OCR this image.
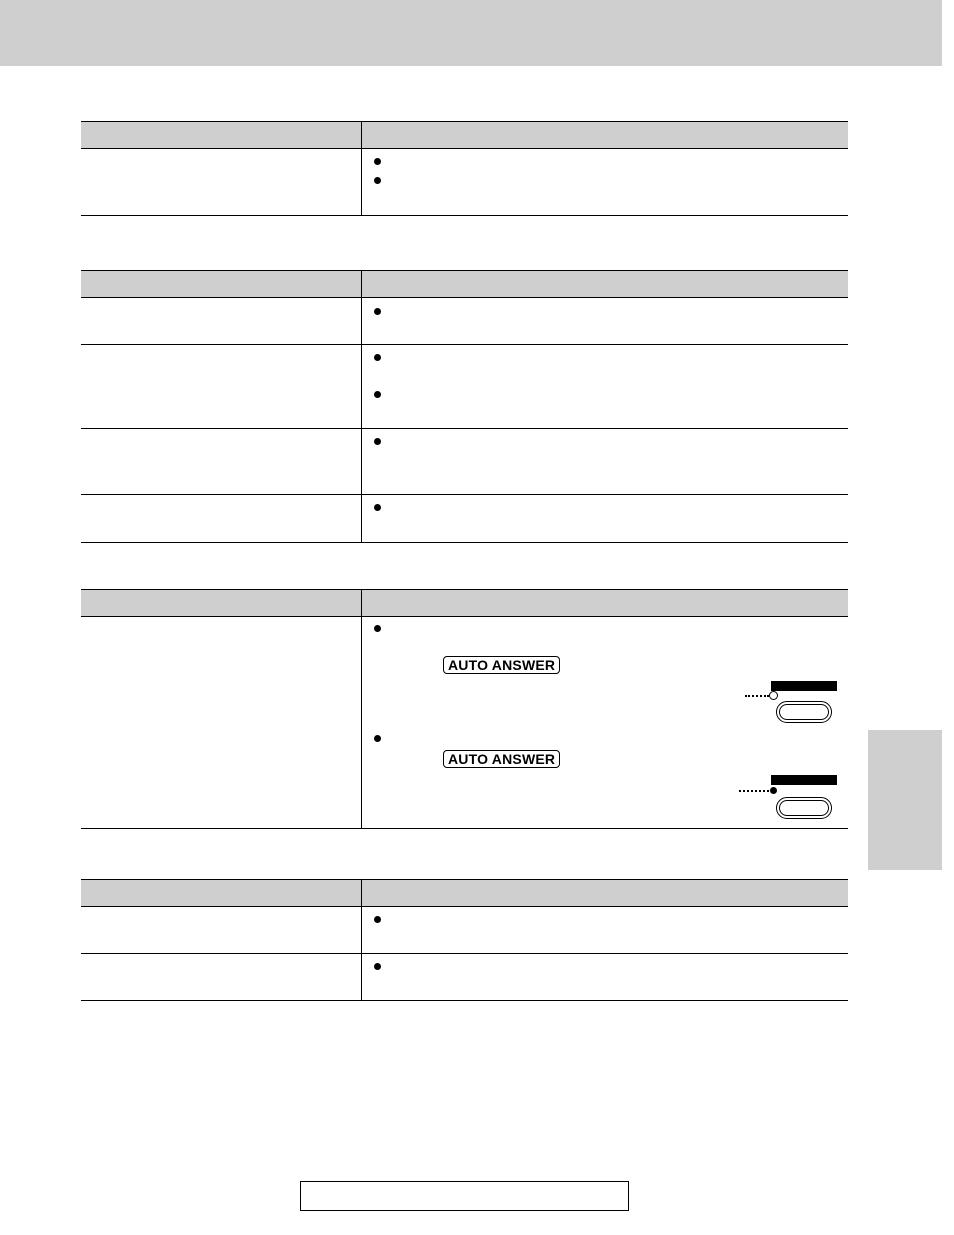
AUTO ANSWER
AUTO ANSWER
